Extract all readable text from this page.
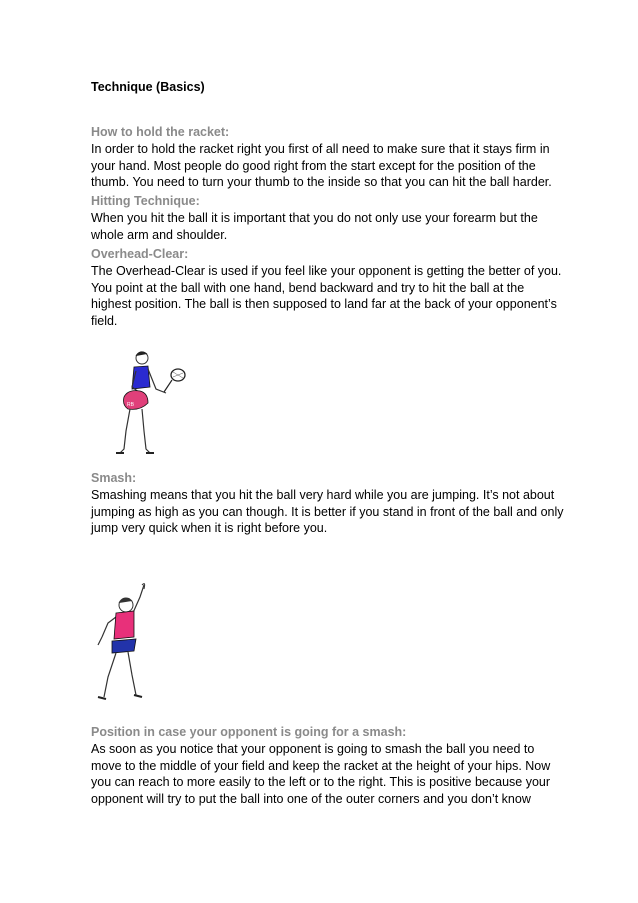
Technique (Basics)
How to hold the racket:
In order to hold the racket right you first of all need to make sure that it stays firm in
your hand. Most people do good right from the start except for the position of the
thumb. You need to turn your thumb to the inside so that you can hit the ball harder.
Hitting Technique:
When you hit the ball it is important that you do not only use your forearm but the
whole arm and shoulder.
Overhead-Clear:
The Overhead-Clear is used if you feel like your opponent is getting the better of you.
You point at the ball with one hand, bend backward and try to hit the ball at the
highest position. The ball is then supposed to land far at the back of your opponent’s
field.
RB
Smash:
Smashing means that you hit the ball very hard while you are jumping. It’s not about
jumping as high as you can though. It is better if you stand in front of the ball and only
jump very quick when it is right before you.
Position in case your opponent is going for a smash:
As soon as you notice that your opponent is going to smash the ball you need to
move to the middle of your field and keep the racket at the height of your hips. Now
you can reach to more easily to the left or to the right. This is positive because your
opponent will try to put the ball into one of the outer corners and you don’t know
